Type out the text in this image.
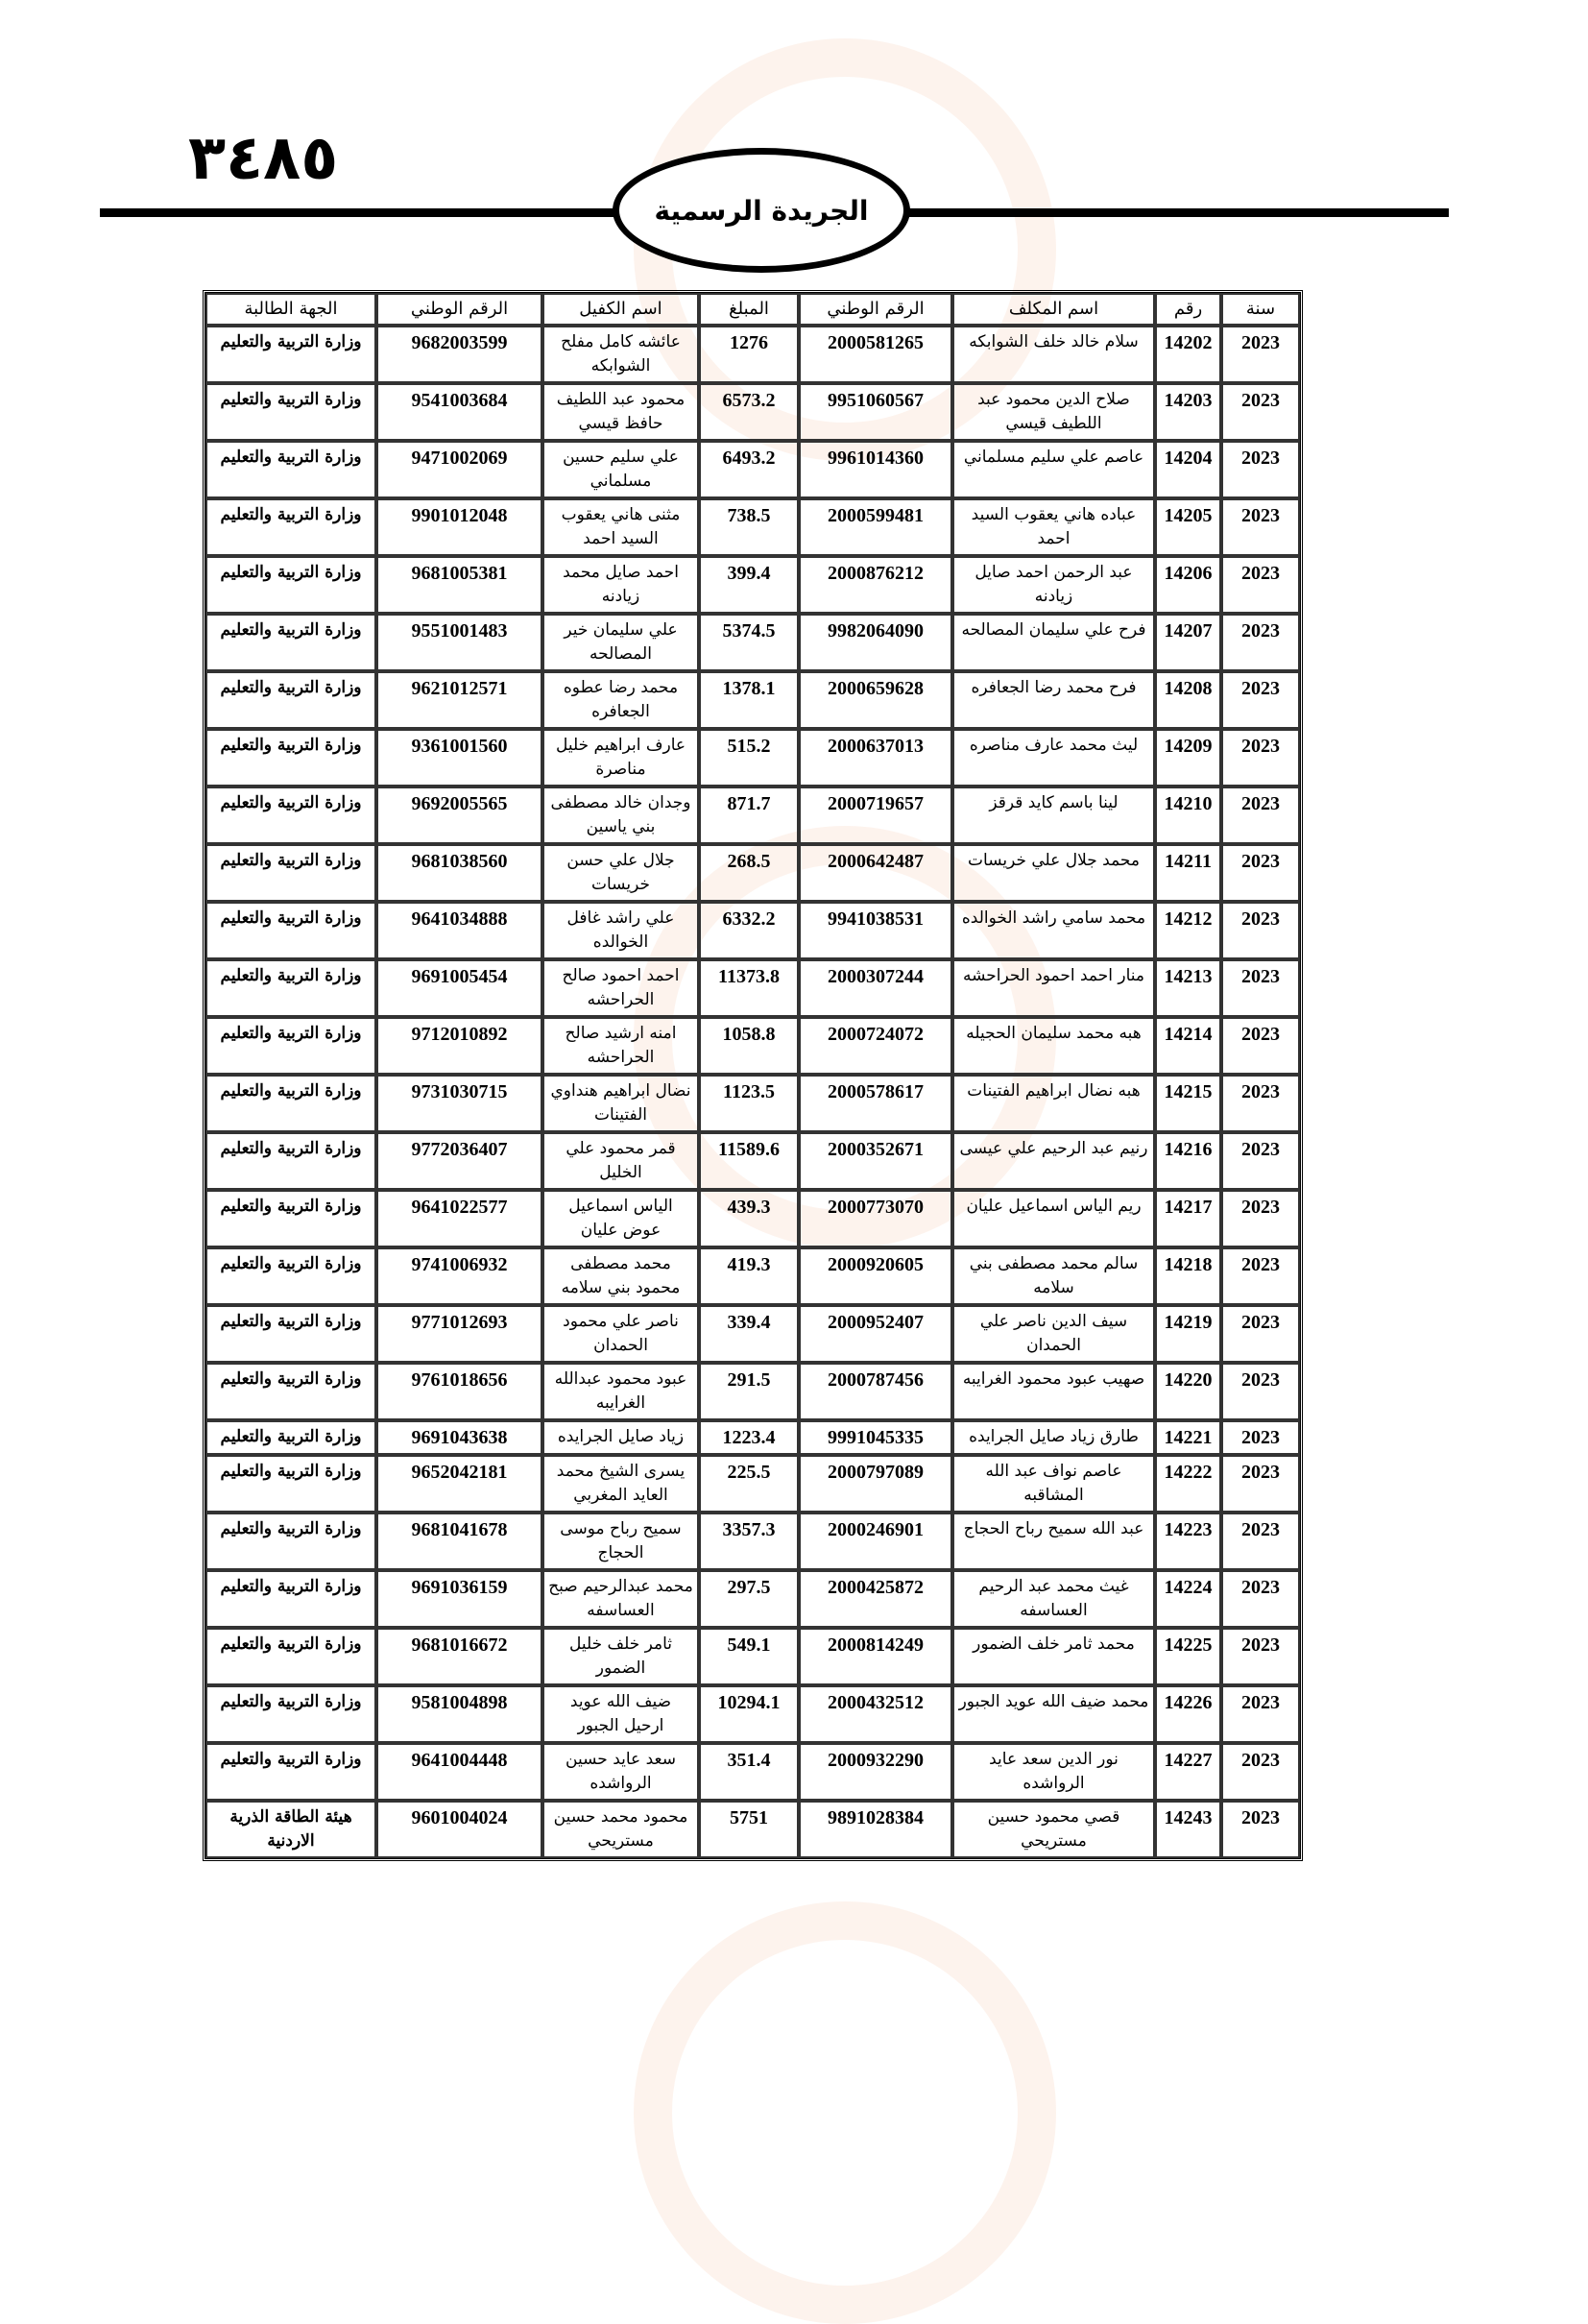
٣٤٨٥
الجريدة الرسمية
سنة	رقم	اسم المكلف	الرقم الوطني	المبلغ	اسم الكفيل	الرقم الوطني	الجهة الطالبة
2023	14202	سلام خالد خلف الشوابكه	2000581265	1276	عائشه كامل مفلح الشوابكه	9682003599	وزارة التربية والتعليم
2023	14203	صلاح الدين محمود عبد اللطيف قيسي	9951060567	6573.2	محمود عبد اللطيف حافظ قيسي	9541003684	وزارة التربية والتعليم
2023	14204	عاصم علي سليم مسلماني	9961014360	6493.2	علي سليم حسين مسلماني	9471002069	وزارة التربية والتعليم
2023	14205	عباده هاني يعقوب السيد احمد	2000599481	738.5	مثنى هاني يعقوب السيد احمد	9901012048	وزارة التربية والتعليم
2023	14206	عبد الرحمن احمد صايل زيادنه	2000876212	399.4	احمد صايل محمد زيادنه	9681005381	وزارة التربية والتعليم
2023	14207	فرح علي سليمان المصالحه	9982064090	5374.5	علي سليمان خير المصالحه	9551001483	وزارة التربية والتعليم
2023	14208	فرح محمد رضا الجعافره	2000659628	1378.1	محمد رضا عطوه الجعافره	9621012571	وزارة التربية والتعليم
2023	14209	ليث محمد عارف مناصره	2000637013	515.2	عارف ابراهيم خليل مناصرة	9361001560	وزارة التربية والتعليم
2023	14210	لينا باسم كايد قرقز	2000719657	871.7	وجدان خالد مصطفى بني ياسين	9692005565	وزارة التربية والتعليم
2023	14211	محمد جلال علي خريسات	2000642487	268.5	جلال علي حسن خريسات	9681038560	وزارة التربية والتعليم
2023	14212	محمد سامي راشد الخوالده	9941038531	6332.2	علي راشد غافل الخوالده	9641034888	وزارة التربية والتعليم
2023	14213	منار احمد احمود الحراحشه	2000307244	11373.8	احمد احمود صالح الحراحشه	9691005454	وزارة التربية والتعليم
2023	14214	هبه محمد سليمان الحجيله	2000724072	1058.8	امنه ارشيد صالح الحراحشه	9712010892	وزارة التربية والتعليم
2023	14215	هبه نضال ابراهيم الفتينات	2000578617	1123.5	نضال ابراهيم هنداوي الفتينات	9731030715	وزارة التربية والتعليم
2023	14216	رنيم عبد الرحيم علي عيسى	2000352671	11589.6	قمر محمود علي الخليل	9772036407	وزارة التربية والتعليم
2023	14217	ريم الياس اسماعيل عليان	2000773070	439.3	الياس اسماعيل عوض عليان	9641022577	وزارة التربية والتعليم
2023	14218	سالم محمد مصطفى بني سلامه	2000920605	419.3	محمد مصطفى محمود بني سلامه	9741006932	وزارة التربية والتعليم
2023	14219	سيف الدين ناصر علي الحمدان	2000952407	339.4	ناصر علي محمود الحمدان	9771012693	وزارة التربية والتعليم
2023	14220	صهيب عبود محمود الغرايبه	2000787456	291.5	عبود محمود عبدالله الغرايبه	9761018656	وزارة التربية والتعليم
2023	14221	طارق زياد صايل الجرايده	9991045335	1223.4	زياد صايل الجرايده	9691043638	وزارة التربية والتعليم
2023	14222	عاصم نواف عبد الله المشاقبه	2000797089	225.5	يسرى الشيخ محمد العايد المغربي	9652042181	وزارة التربية والتعليم
2023	14223	عبد الله سميح رباح الحجاج	2000246901	3357.3	سميح رباح موسى الحجاج	9681041678	وزارة التربية والتعليم
2023	14224	غيث محمد عبد الرحيم العساسفه	2000425872	297.5	محمد عبدالرحيم صبح العساسفه	9691036159	وزارة التربية والتعليم
2023	14225	محمد ثامر خلف الضمور	2000814249	549.1	ثامر خلف خليل الضمور	9681016672	وزارة التربية والتعليم
2023	14226	محمد ضيف الله عويد الجبور	2000432512	10294.1	ضيف الله عويد ارحيل الجبور	9581004898	وزارة التربية والتعليم
2023	14227	نور الدين سعد عايد الرواشده	2000932290	351.4	سعد عايد حسين الرواشده	9641004448	وزارة التربية والتعليم
2023	14243	قصي محمود حسين مستريحي	9891028384	5751	محمود محمد حسين مستريحي	9601004024	هيئة الطاقة الذرية الاردنية
